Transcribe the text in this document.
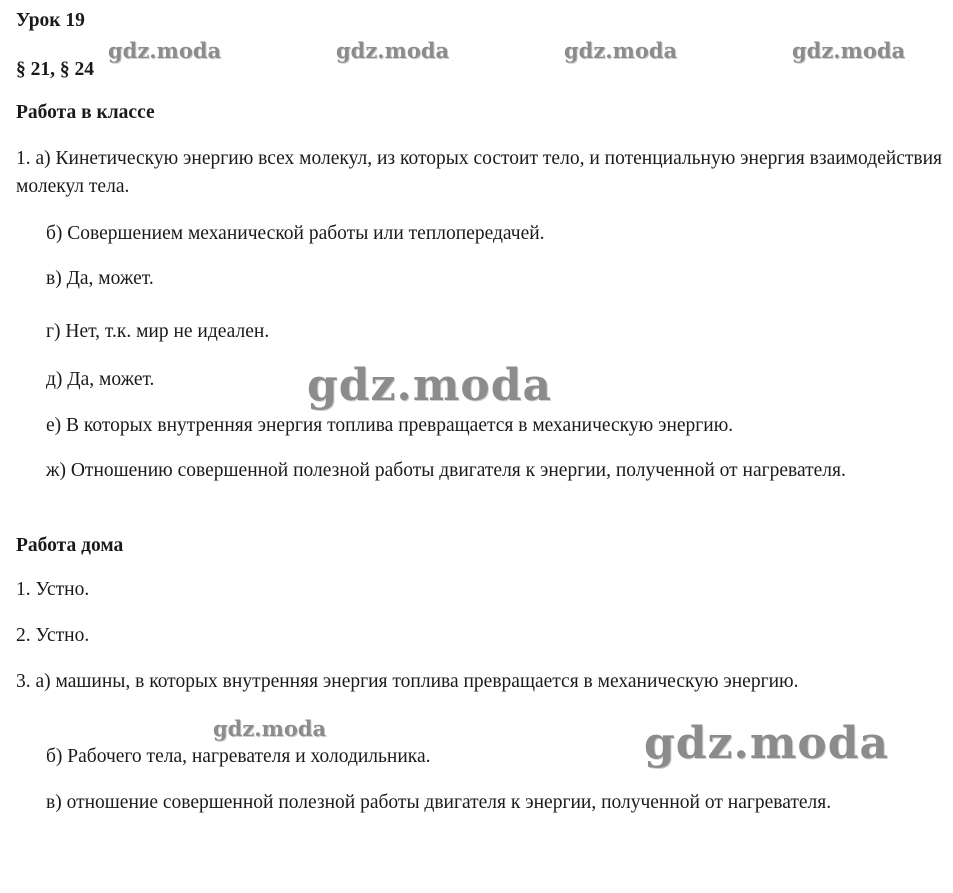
Урок 19
§ 21, § 24
Работа в классе
1. а) Кинетическую энергию всех молекул, из которых состоит тело, и потенциальную энергия взаимодействия молекул тела.
б) Совершением механической работы или теплопередачей.
в) Да, может.
г) Нет, т.к. мир не идеален.
д) Да, может.
е) В которых внутренняя энергия топлива превращается в механическую энергию.
ж) Отношению совершенной полезной работы двигателя к энергии, полученной от нагревателя.
Работа дома
1. Устно.
2. Устно.
3. а) машины, в которых внутренняя энергия топлива превращается в механическую энергию.
б) Рабочего тела, нагревателя и холодильника.
в) отношение совершенной полезной работы двигателя к энергии, полученной от нагревателя.
gdz.moda	gdz.moda	gdz.moda	gdz.moda
gdz.moda
gdz.moda	gdz.moda
